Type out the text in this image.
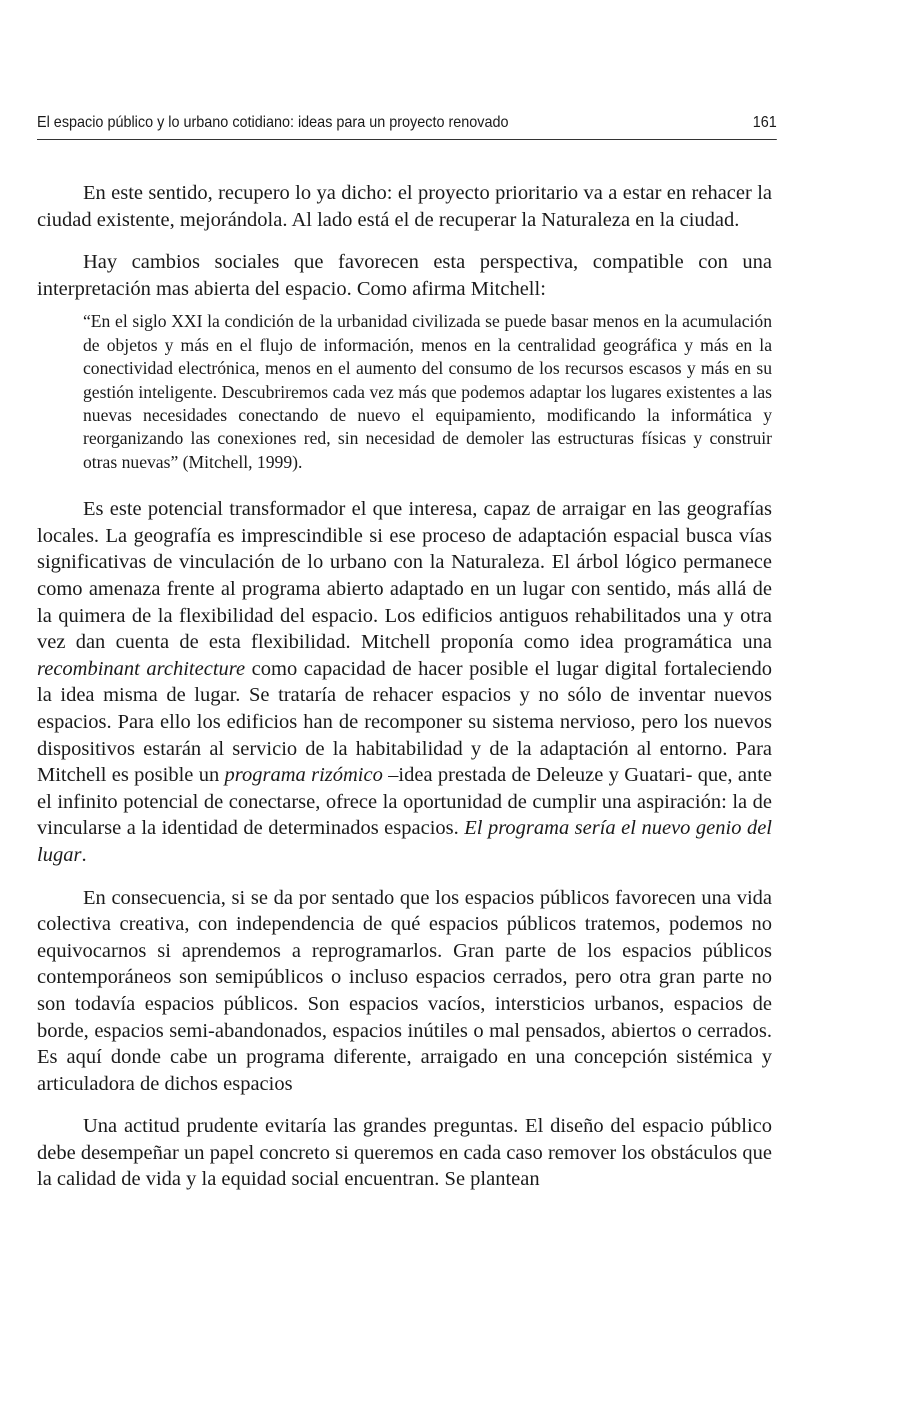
El espacio público y lo urbano cotidiano: ideas para un proyecto renovado	161

En este sentido, recupero lo ya dicho: el proyecto prioritario va a estar en rehacer la ciudad existente, mejorándola. Al lado está el de recuperar la Naturaleza en la ciudad.

Hay cambios sociales que favorecen esta perspectiva, compatible con una interpretación mas abierta del espacio. Como afirma Mitchell:

“En el siglo XXI la condición de la urbanidad civilizada se puede basar menos en la acumulación de objetos y más en el flujo de información, menos en la centralidad geográfica y más en la conectividad electrónica, menos en el aumento del consumo de los recursos escasos y más en su gestión inteligente. Descubriremos cada vez más que podemos adaptar los lugares existentes a las nuevas necesidades conectando de nuevo el equipamiento, modificando la informática y reorganizando las conexiones red, sin necesidad de demoler las estructuras físicas y construir otras nuevas” (Mitchell, 1999).

Es este potencial transformador el que interesa, capaz de arraigar en las geografías locales. La geografía es imprescindible si ese proceso de adaptación espacial busca vías significativas de vinculación de lo urbano con la Naturaleza. El árbol lógico permanece como amenaza frente al programa abierto adaptado en un lugar con sentido, más allá de la quimera de la flexibilidad del espacio. Los edificios antiguos rehabilitados una y otra vez dan cuenta de esta flexibilidad. Mitchell proponía como idea programática una recombinant architecture como capacidad de hacer posible el lugar digital fortaleciendo la idea misma de lugar. Se trataría de rehacer espacios y no sólo de inventar nuevos espacios. Para ello los edificios han de recomponer su sistema nervioso, pero los nuevos dispositivos estarán al servicio de la habitabilidad y de la adaptación al entorno. Para Mitchell es posible un programa rizómico –idea prestada de Deleuze y Guatari- que, ante el infinito potencial de conectarse, ofrece la oportunidad de cumplir una aspiración: la de vincularse a la identidad de determinados espacios. El programa sería el nuevo genio del lugar.

En consecuencia, si se da por sentado que los espacios públicos favorecen una vida colectiva creativa, con independencia de qué espacios públicos tratemos, podemos no equivocarnos si aprendemos a reprogramarlos. Gran parte de los espacios públicos contemporáneos son semipúblicos o incluso espacios cerrados, pero otra gran parte no son todavía espacios públicos. Son espacios vacíos, intersticios urbanos, espacios de borde, espacios semi-abandonados, espacios inútiles o mal pensados, abiertos o cerrados. Es aquí donde cabe un programa diferente, arraigado en una concepción sistémica y articuladora de dichos espacios

Una actitud prudente evitaría las grandes preguntas. El diseño del espacio público debe desempeñar un papel concreto si queremos en cada caso remover los obstáculos que la calidad de vida y la equidad social encuentran. Se plantean
